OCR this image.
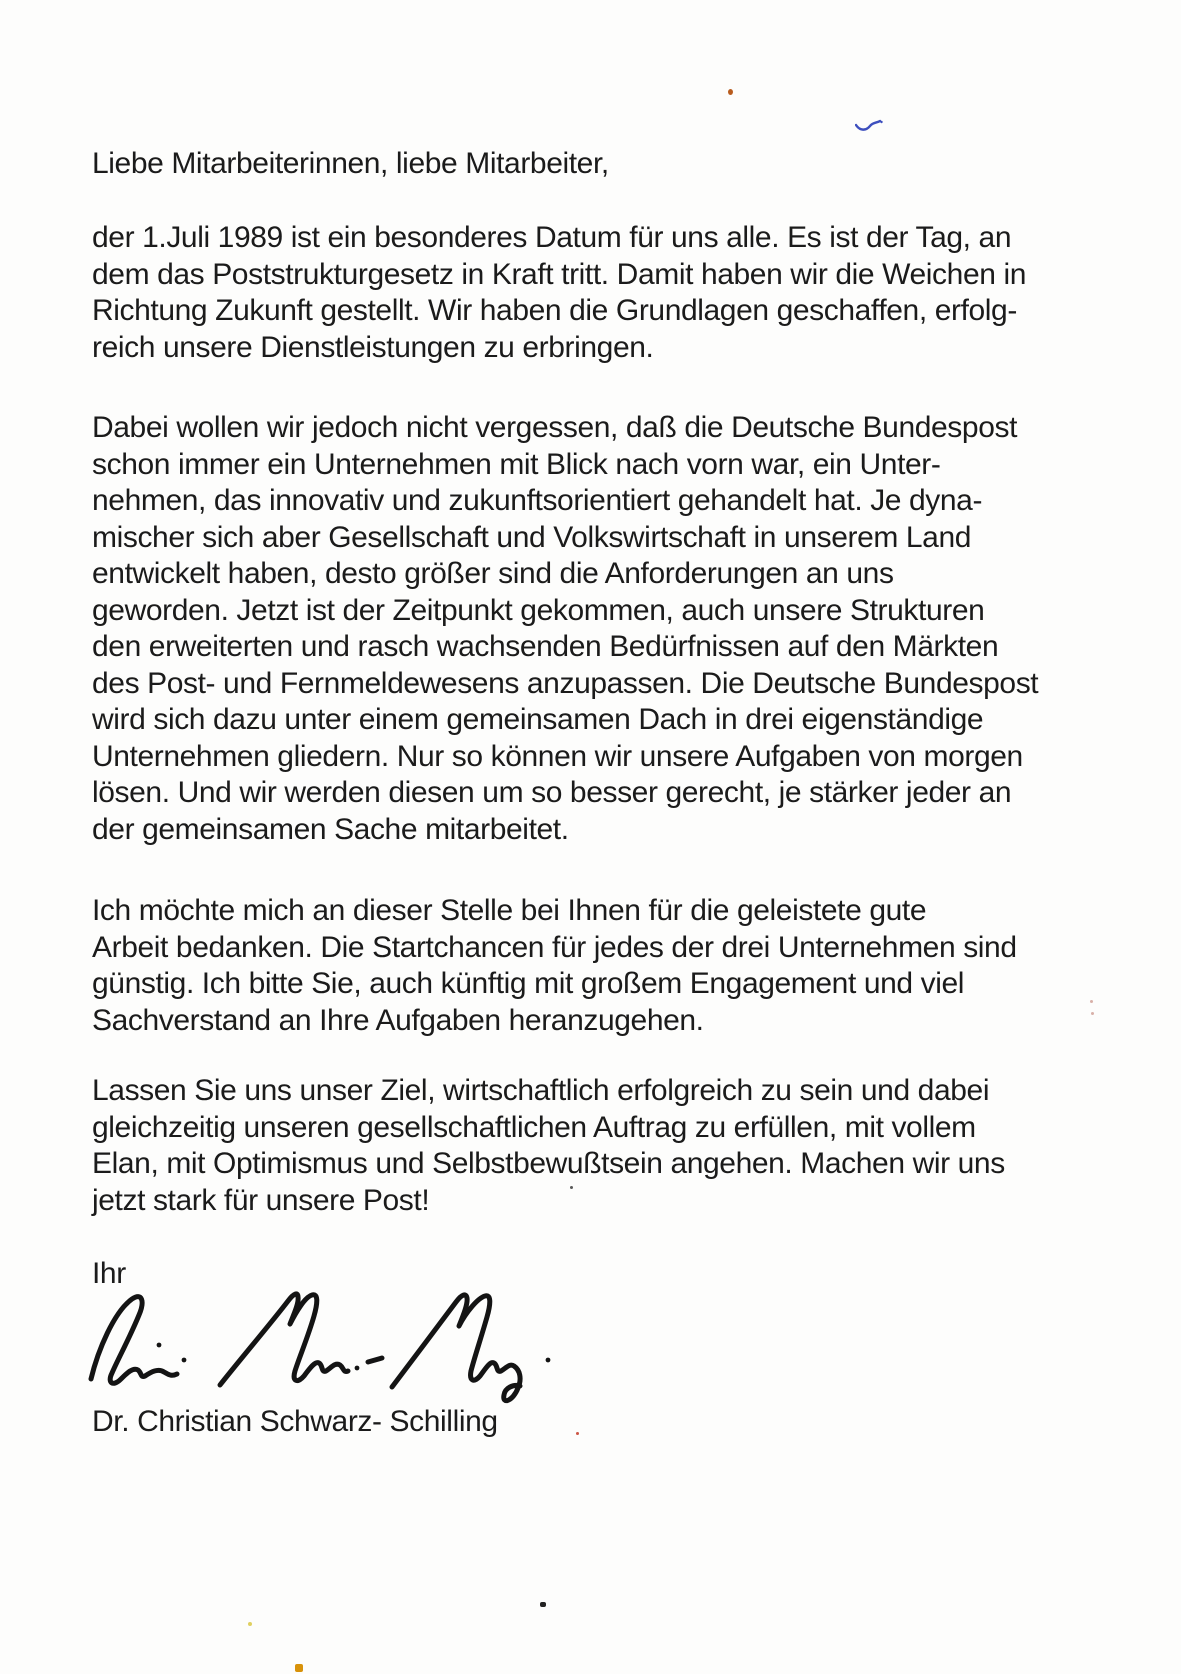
Liebe Mitarbeiterinnen, liebe Mitarbeiter,
der 1.Juli 1989 ist ein besonderes Datum für uns alle. Es ist der Tag, an
dem das Poststrukturgesetz in Kraft tritt. Damit haben wir die Weichen in
Richtung Zukunft gestellt. Wir haben die Grundlagen geschaffen, erfolg-
reich unsere Dienstleistungen zu erbringen.
Dabei wollen wir jedoch nicht vergessen, daß die Deutsche Bundespost
schon immer ein Unternehmen mit Blick nach vorn war, ein Unter-
nehmen, das innovativ und zukunftsorientiert gehandelt hat. Je dyna-
mischer sich aber Gesellschaft und Volkswirtschaft in unserem Land
entwickelt haben, desto größer sind die Anforderungen an uns
geworden. Jetzt ist der Zeitpunkt gekommen, auch unsere Strukturen
den erweiterten und rasch wachsenden Bedürfnissen auf den Märkten
des Post- und Fernmeldewesens anzupassen. Die Deutsche Bundespost
wird sich dazu unter einem gemeinsamen Dach in drei eigenständige
Unternehmen gliedern. Nur so können wir unsere Aufgaben von morgen
lösen. Und wir werden diesen um so besser gerecht, je stärker jeder an
der gemeinsamen Sache mitarbeitet.
Ich möchte mich an dieser Stelle bei Ihnen für die geleistete gute
Arbeit bedanken. Die Startchancen für jedes der drei Unternehmen sind
günstig. Ich bitte Sie, auch künftig mit großem Engagement und viel
Sachverstand an Ihre Aufgaben heranzugehen.
Lassen Sie uns unser Ziel, wirtschaftlich erfolgreich zu sein und dabei
gleichzeitig unseren gesellschaftlichen Auftrag zu erfüllen, mit vollem
Elan, mit Optimismus und Selbstbewußtsein angehen. Machen wir uns
jetzt stark für unsere Post!
Ihr
Dr. Christian Schwarz- Schilling
